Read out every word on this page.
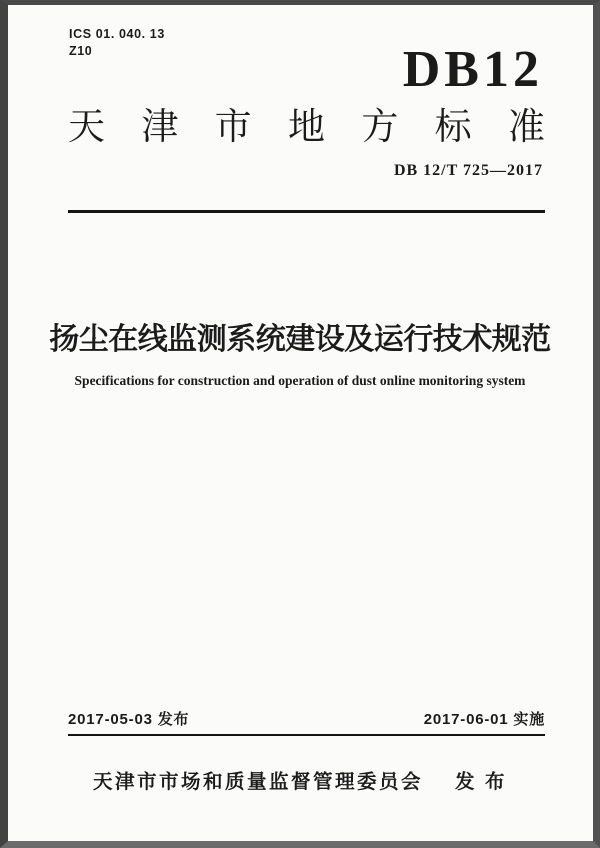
ICS 01. 040. 13
Z10	DB12
天津市地方标准
DB 12/T 725—2017
扬尘在线监测系统建设及运行技术规范
Specifications for construction and operation of dust online monitoring system
2017-05-03 发布	2017-06-01 实施
天津市市场和质量监督管理委员会 发 布
